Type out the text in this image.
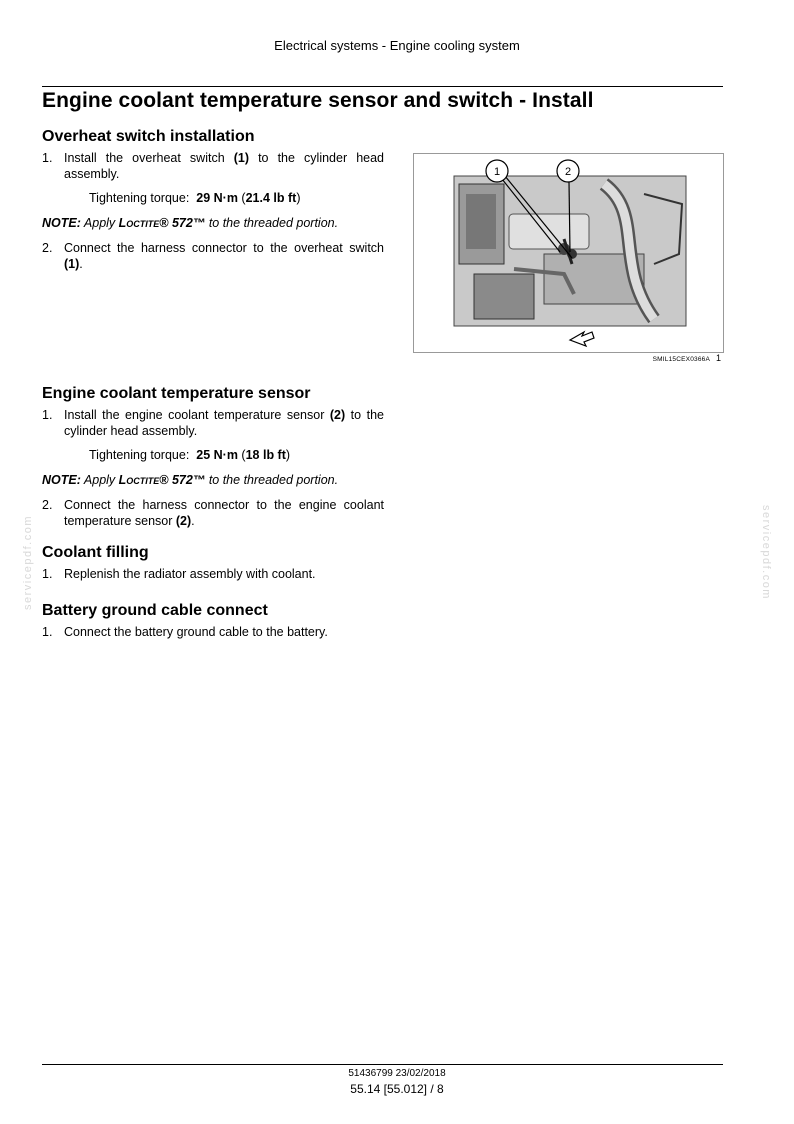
Electrical systems - Engine cooling system
Engine coolant temperature sensor and switch - Install
Overheat switch installation
1. Install the overheat switch (1) to the cylinder head assembly.
Tightening torque: 29 N·m (21.4 lb ft)
NOTE: Apply Loctite® 572™ to the threaded portion.
2. Connect the harness connector to the overheat switch (1).
1	2
SMIL15CEX0366A 1
Engine coolant temperature sensor
1. Install the engine coolant temperature sensor (2) to the cylinder head assembly.
Tightening torque: 25 N·m (18 lb ft)
NOTE: Apply Loctite® 572™ to the threaded portion.
2. Connect the harness connector to the engine coolant temperature sensor (2).
Coolant filling
1. Replenish the radiator assembly with coolant.
Battery ground cable connect
1. Connect the battery ground cable to the battery.
servicepdf.com	servicepdf.com
51436799 23/02/2018
55.14 [55.012] / 8
